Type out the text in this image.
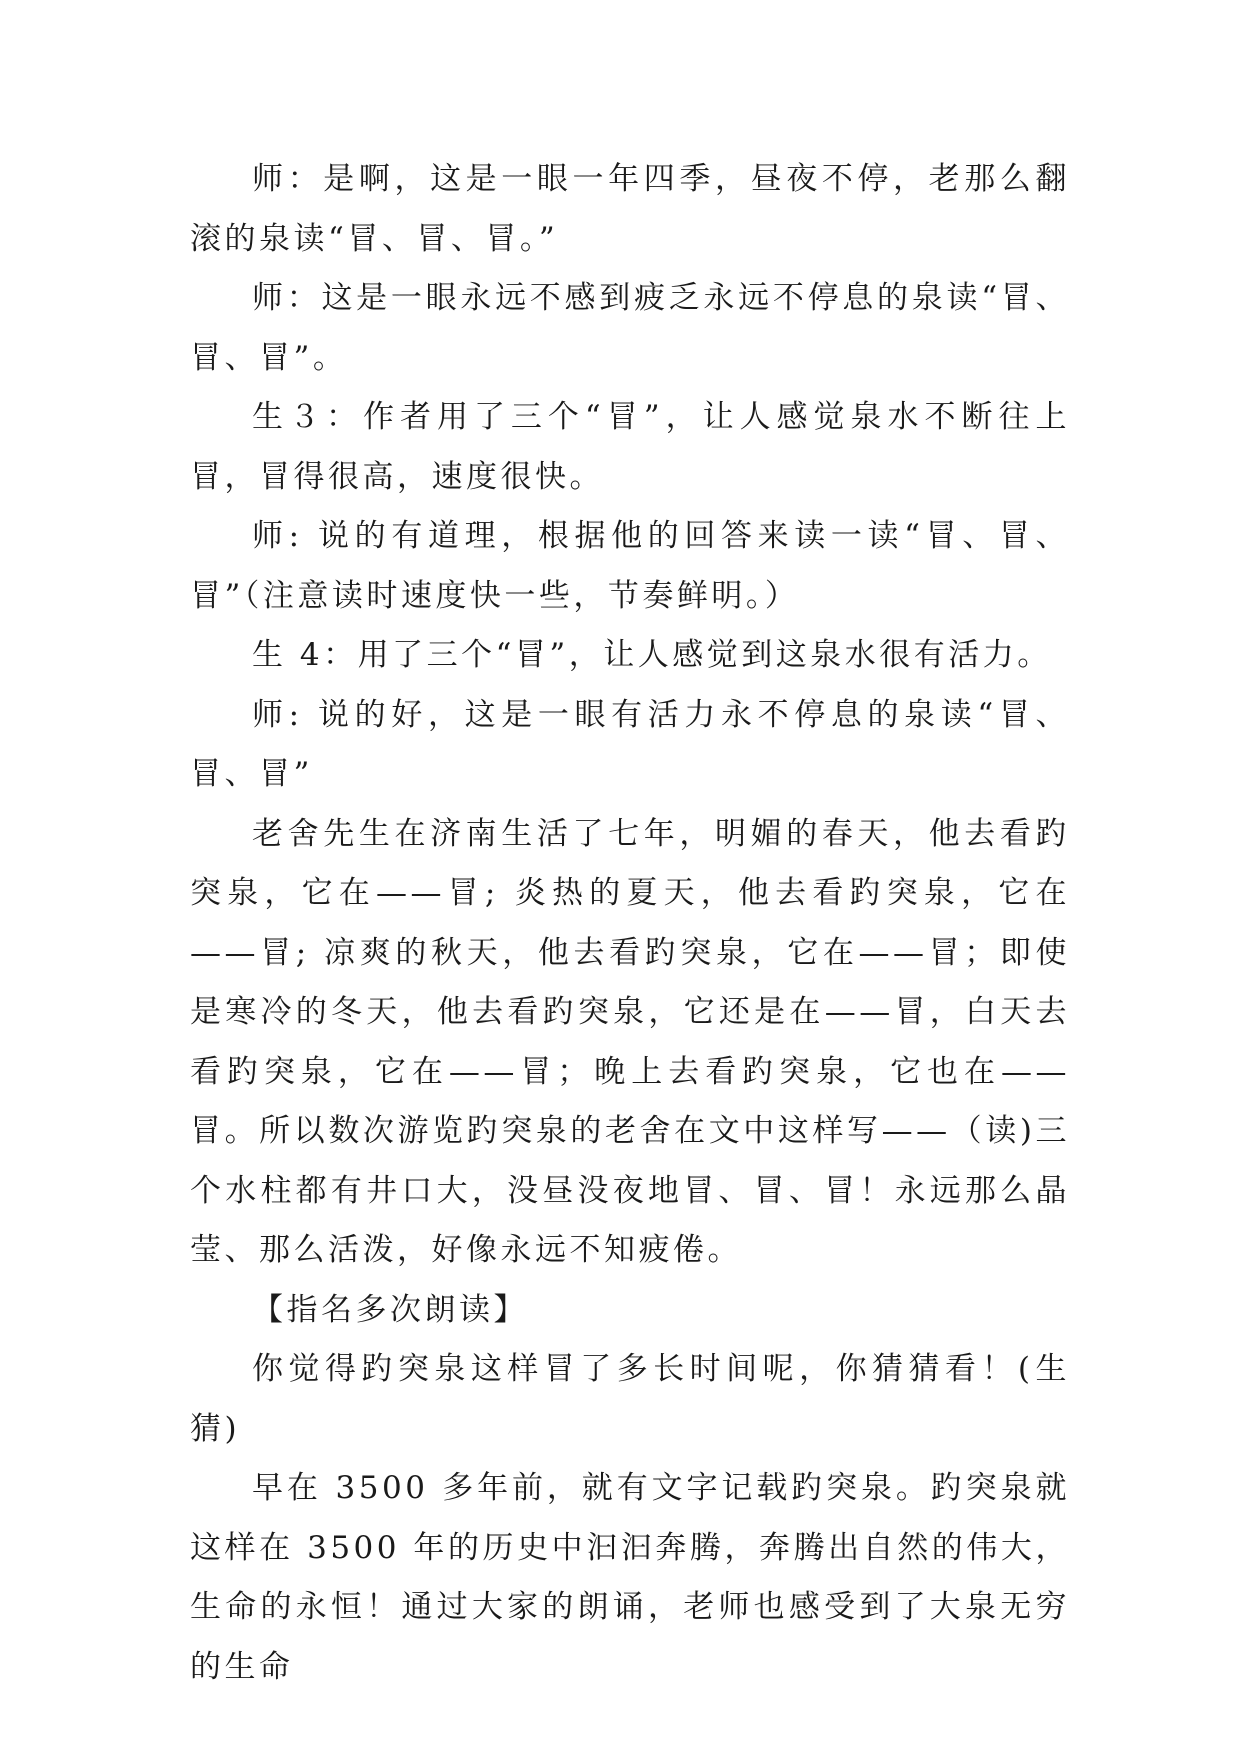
师：是啊，这是一眼一年四季，昼夜不停，老那么翻滚的泉读“冒、冒、冒。”

师：这是一眼永远不感到疲乏永远不停息的泉读“冒、冒、冒”。

生３：作者用了三个“冒”，让人感觉泉水不断往上冒，冒得很高，速度很快。

师: 说的有道理，根据他的回答来读一读“冒、冒、冒”（注意读时速度快一些，节奏鲜明。）

生 4：用了三个“冒”，让人感觉到这泉水很有活力。

师: 说的好，这是一眼有活力永不停息的泉读“冒、冒、冒”

老舍先生在济南生活了七年，明媚的春天，他去看趵突泉，它在——冒; 炎热的夏天，他去看趵突泉，它在——冒; 凉爽的秋天，他去看趵突泉，它在——冒；即使是寒冷的冬天，他去看趵突泉，它还是在——冒，白天去看趵突泉，它在——冒；晚上去看趵突泉，它也在——冒。所以数次游览趵突泉的老舍在文中这样写——（读)三个水柱都有井口大，没昼没夜地冒、冒、冒！永远那么晶莹、那么活泼，好像永远不知疲倦。

【指名多次朗读】

你觉得趵突泉这样冒了多长时间呢，你猜猜看！(生猜)

早在 3500 多年前，就有文字记载趵突泉。趵突泉就这样在 3500 年的历史中汩汩奔腾，奔腾出自然的伟大，生命的永恒！通过大家的朗诵，老师也感受到了大泉无穷的生命
